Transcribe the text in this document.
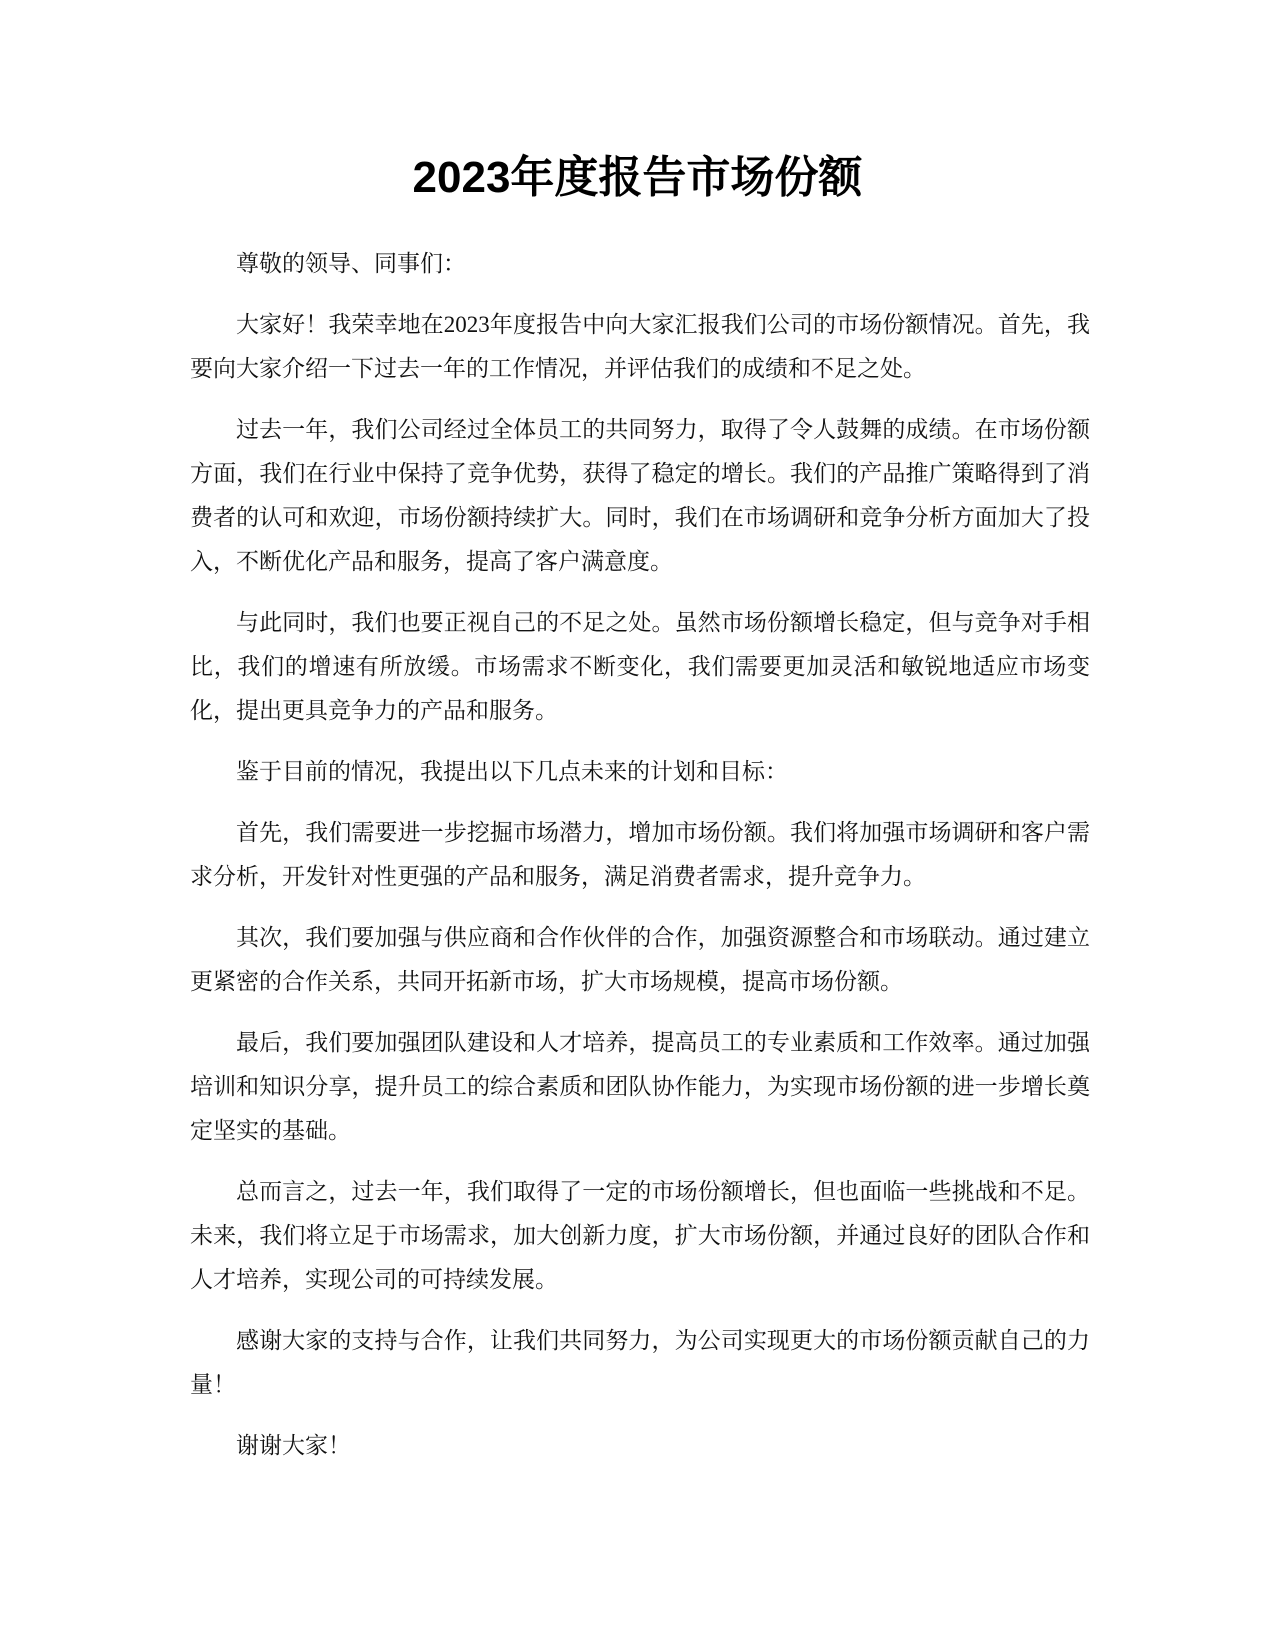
2023年度报告市场份额

尊敬的领导、同事们：

大家好！我荣幸地在2023年度报告中向大家汇报我们公司的市场份额情况。首先，我要向大家介绍一下过去一年的工作情况，并评估我们的成绩和不足之处。

过去一年，我们公司经过全体员工的共同努力，取得了令人鼓舞的成绩。在市场份额方面，我们在行业中保持了竞争优势，获得了稳定的增长。我们的产品推广策略得到了消费者的认可和欢迎，市场份额持续扩大。同时，我们在市场调研和竞争分析方面加大了投入，不断优化产品和服务，提高了客户满意度。

与此同时，我们也要正视自己的不足之处。虽然市场份额增长稳定，但与竞争对手相比，我们的增速有所放缓。市场需求不断变化，我们需要更加灵活和敏锐地适应市场变化，提出更具竞争力的产品和服务。

鉴于目前的情况，我提出以下几点未来的计划和目标：

首先，我们需要进一步挖掘市场潜力，增加市场份额。我们将加强市场调研和客户需求分析，开发针对性更强的产品和服务，满足消费者需求，提升竞争力。

其次，我们要加强与供应商和合作伙伴的合作，加强资源整合和市场联动。通过建立更紧密的合作关系，共同开拓新市场，扩大市场规模，提高市场份额。

最后，我们要加强团队建设和人才培养，提高员工的专业素质和工作效率。通过加强培训和知识分享，提升员工的综合素质和团队协作能力，为实现市场份额的进一步增长奠定坚实的基础。

总而言之，过去一年，我们取得了一定的市场份额增长，但也面临一些挑战和不足。未来，我们将立足于市场需求，加大创新力度，扩大市场份额，并通过良好的团队合作和人才培养，实现公司的可持续发展。

感谢大家的支持与合作，让我们共同努力，为公司实现更大的市场份额贡献自己的力量！

谢谢大家！
